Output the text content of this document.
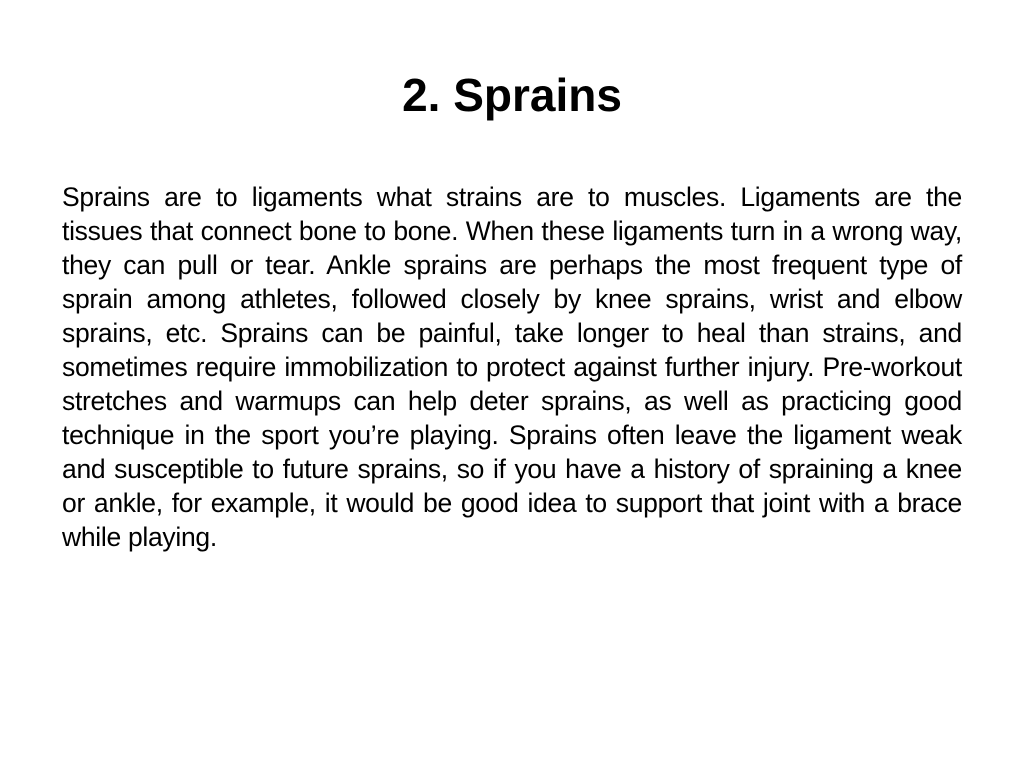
2. Sprains

Sprains are to ligaments what strains are to muscles. Ligaments are the tissues that connect bone to bone. When these ligaments turn in a wrong way, they can pull or tear. Ankle sprains are perhaps the most frequent type of sprain among athletes, followed closely by knee sprains, wrist and elbow sprains, etc. Sprains can be painful, take longer to heal than strains, and sometimes require immobilization to protect against further injury. Pre-workout stretches and warmups can help deter sprains, as well as practicing good technique in the sport you’re playing. Sprains often leave the ligament weak and susceptible to future sprains, so if you have a history of spraining a knee or ankle, for example, it would be good idea to support that joint with a brace while playing.
